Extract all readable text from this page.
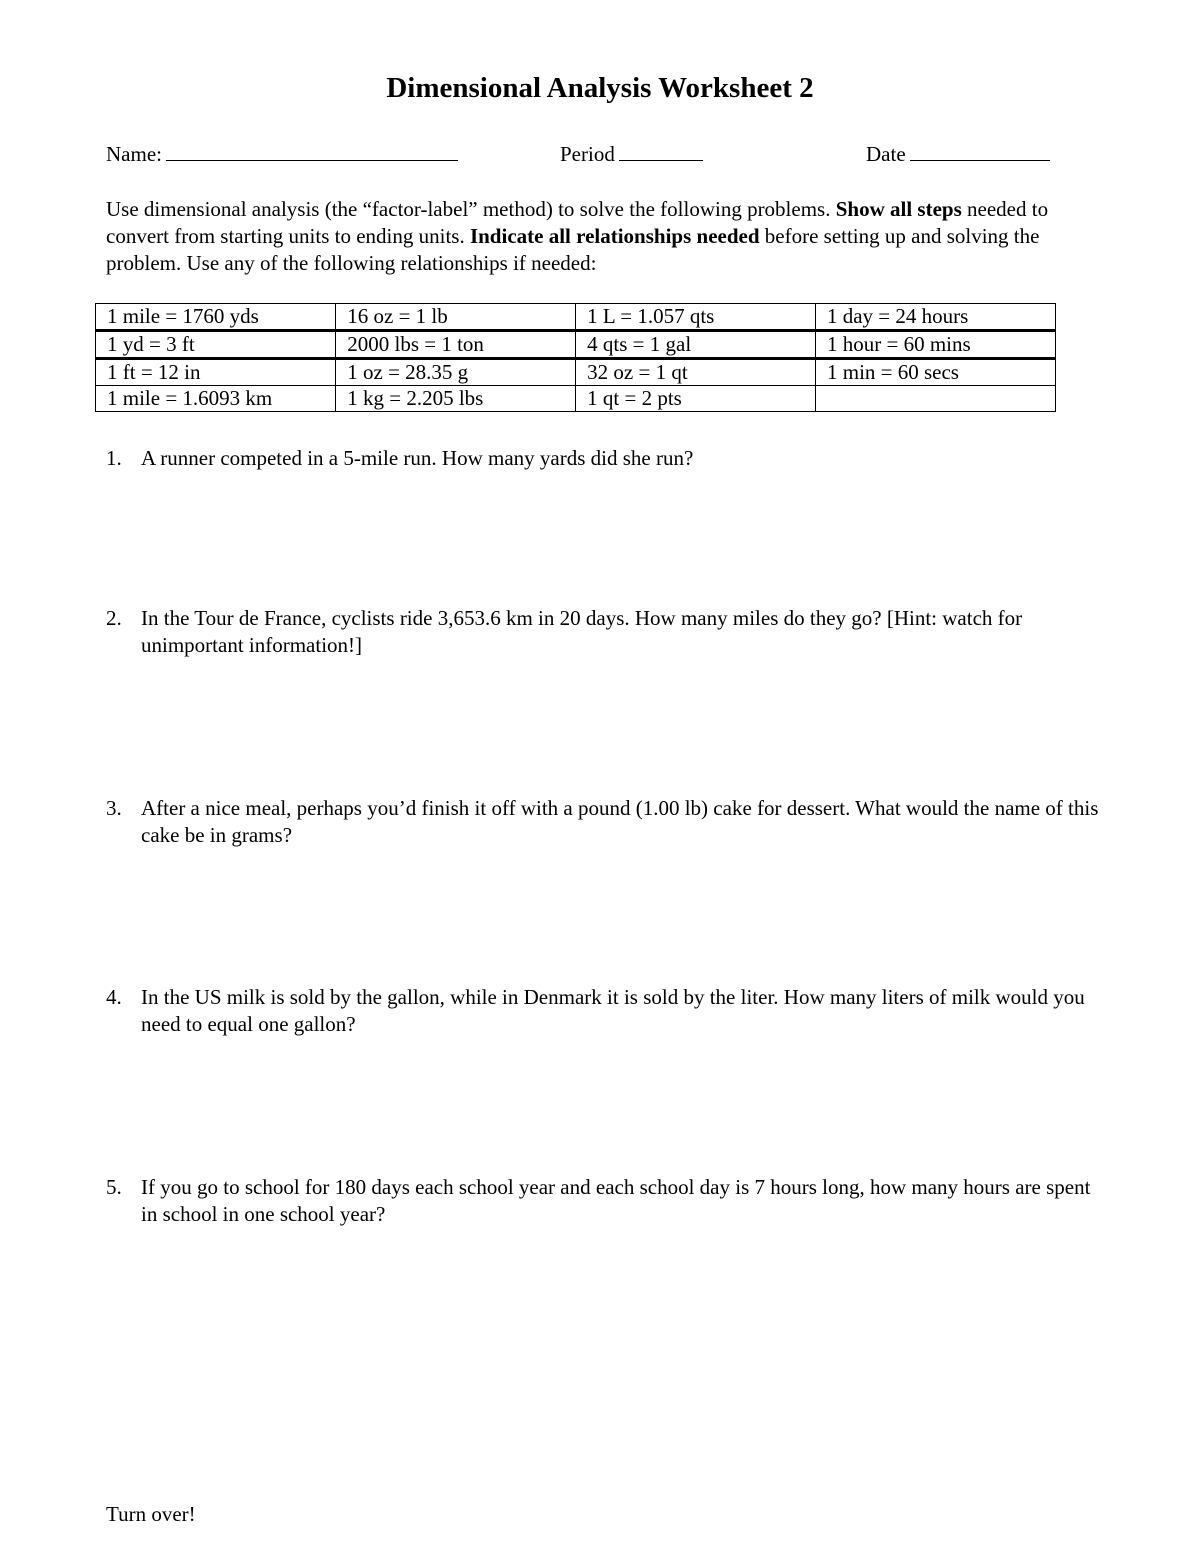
Dimensional Analysis Worksheet 2
Name:	Period	Date

Use dimensional analysis (the “factor-label” method) to solve the following problems. Show all steps needed to convert from starting units to ending units. Indicate all relationships needed before setting up and solving the problem. Use any of the following relationships if needed:

1 mile = 1760 yds	16 oz = 1 lb	1 L = 1.057 qts	1 day = 24 hours
1 yd = 3 ft	2000 lbs = 1 ton	4 qts = 1 gal	1 hour = 60 mins
1 ft = 12 in	1 oz = 28.35 g	32 oz = 1 qt	1 min = 60 secs
1 mile = 1.6093 km	1 kg = 2.205 lbs	1 qt = 2 pts	
1. A runner competed in a 5-mile run. How many yards did she run?
2. In the Tour de France, cyclists ride 3,653.6 km in 20 days. How many miles do they go? [Hint: watch for unimportant information!]
3. After a nice meal, perhaps you’d finish it off with a pound (1.00 lb) cake for dessert. What would the name of this cake be in grams?
4. In the US milk is sold by the gallon, while in Denmark it is sold by the liter. How many liters of milk would you need to equal one gallon?
5. If you go to school for 180 days each school year and each school day is 7 hours long, how many hours are spent in school in one school year?
Turn over!
